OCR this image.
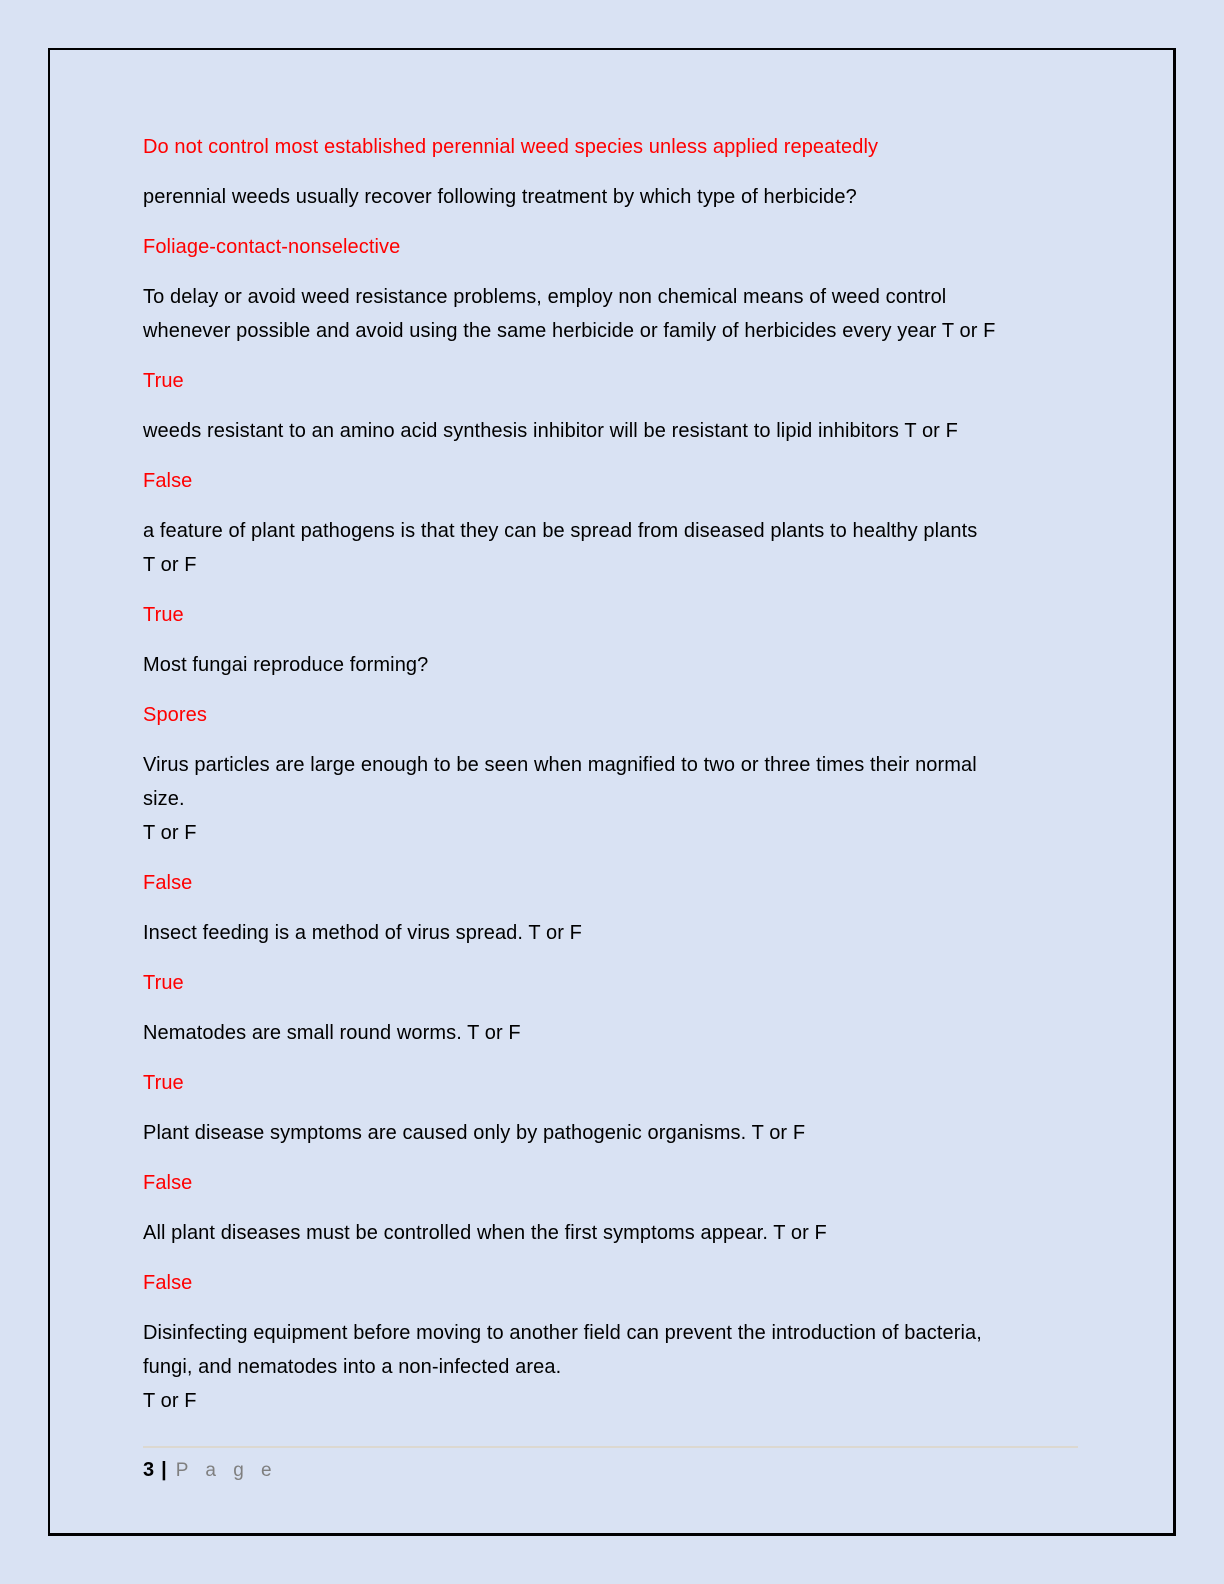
Do not control most established perennial weed species unless applied repeatedly

perennial weeds usually recover following treatment by which type of herbicide?

Foliage-contact-nonselective

To delay or avoid weed resistance problems, employ non chemical means of weed control
whenever possible and avoid using the same herbicide or family of herbicides every year T or F

True

weeds resistant to an amino acid synthesis inhibitor will be resistant to lipid inhibitors T or F

False

a feature of plant pathogens is that they can be spread from diseased plants to healthy plants
T or F

True

Most fungai reproduce forming?

Spores

Virus particles are large enough to be seen when magnified to two or three times their normal
size.
T or F

False

Insect feeding is a method of virus spread. T or F

True

Nematodes are small round worms. T or F

True

Plant disease symptoms are caused only by pathogenic organisms. T or F

False

All plant diseases must be controlled when the first symptoms appear. T or F

False

Disinfecting equipment before moving to another field can prevent the introduction of bacteria,
fungi, and nematodes into a non-infected area.
T or F

3 | P a g e
